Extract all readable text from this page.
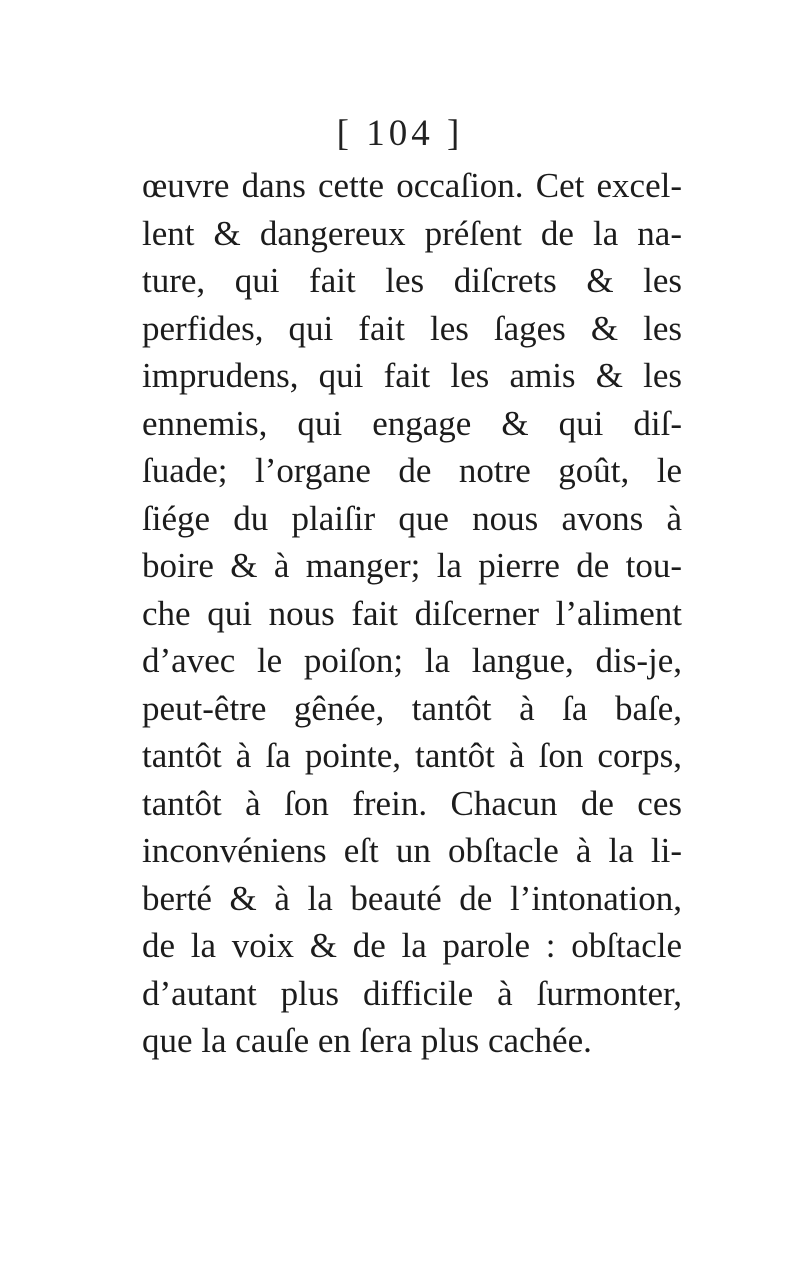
[ 104 ]
œuvre dans cette occaſion. Cet excel-
lent & dangereux préſent de la na-
ture, qui fait les diſcrets & les
perfides, qui fait les ſages & les
imprudens, qui fait les amis & les
ennemis, qui engage & qui diſ-
ſuade; l’organe de notre goût, le
ſiége du plaiſir que nous avons à
boire & à manger; la pierre de tou-
che qui nous fait diſcerner l’aliment
d’avec le poiſon; la langue, dis-je,
peut-être gênée, tantôt à ſa baſe,
tantôt à ſa pointe, tantôt à ſon corps,
tantôt à ſon frein. Chacun de ces
inconvéniens eſt un obſtacle à la li-
berté & à la beauté de l’intonation,
de la voix & de la parole : obſtacle
d’autant plus difficile à ſurmonter,
que la cauſe en ſera plus cachée.
